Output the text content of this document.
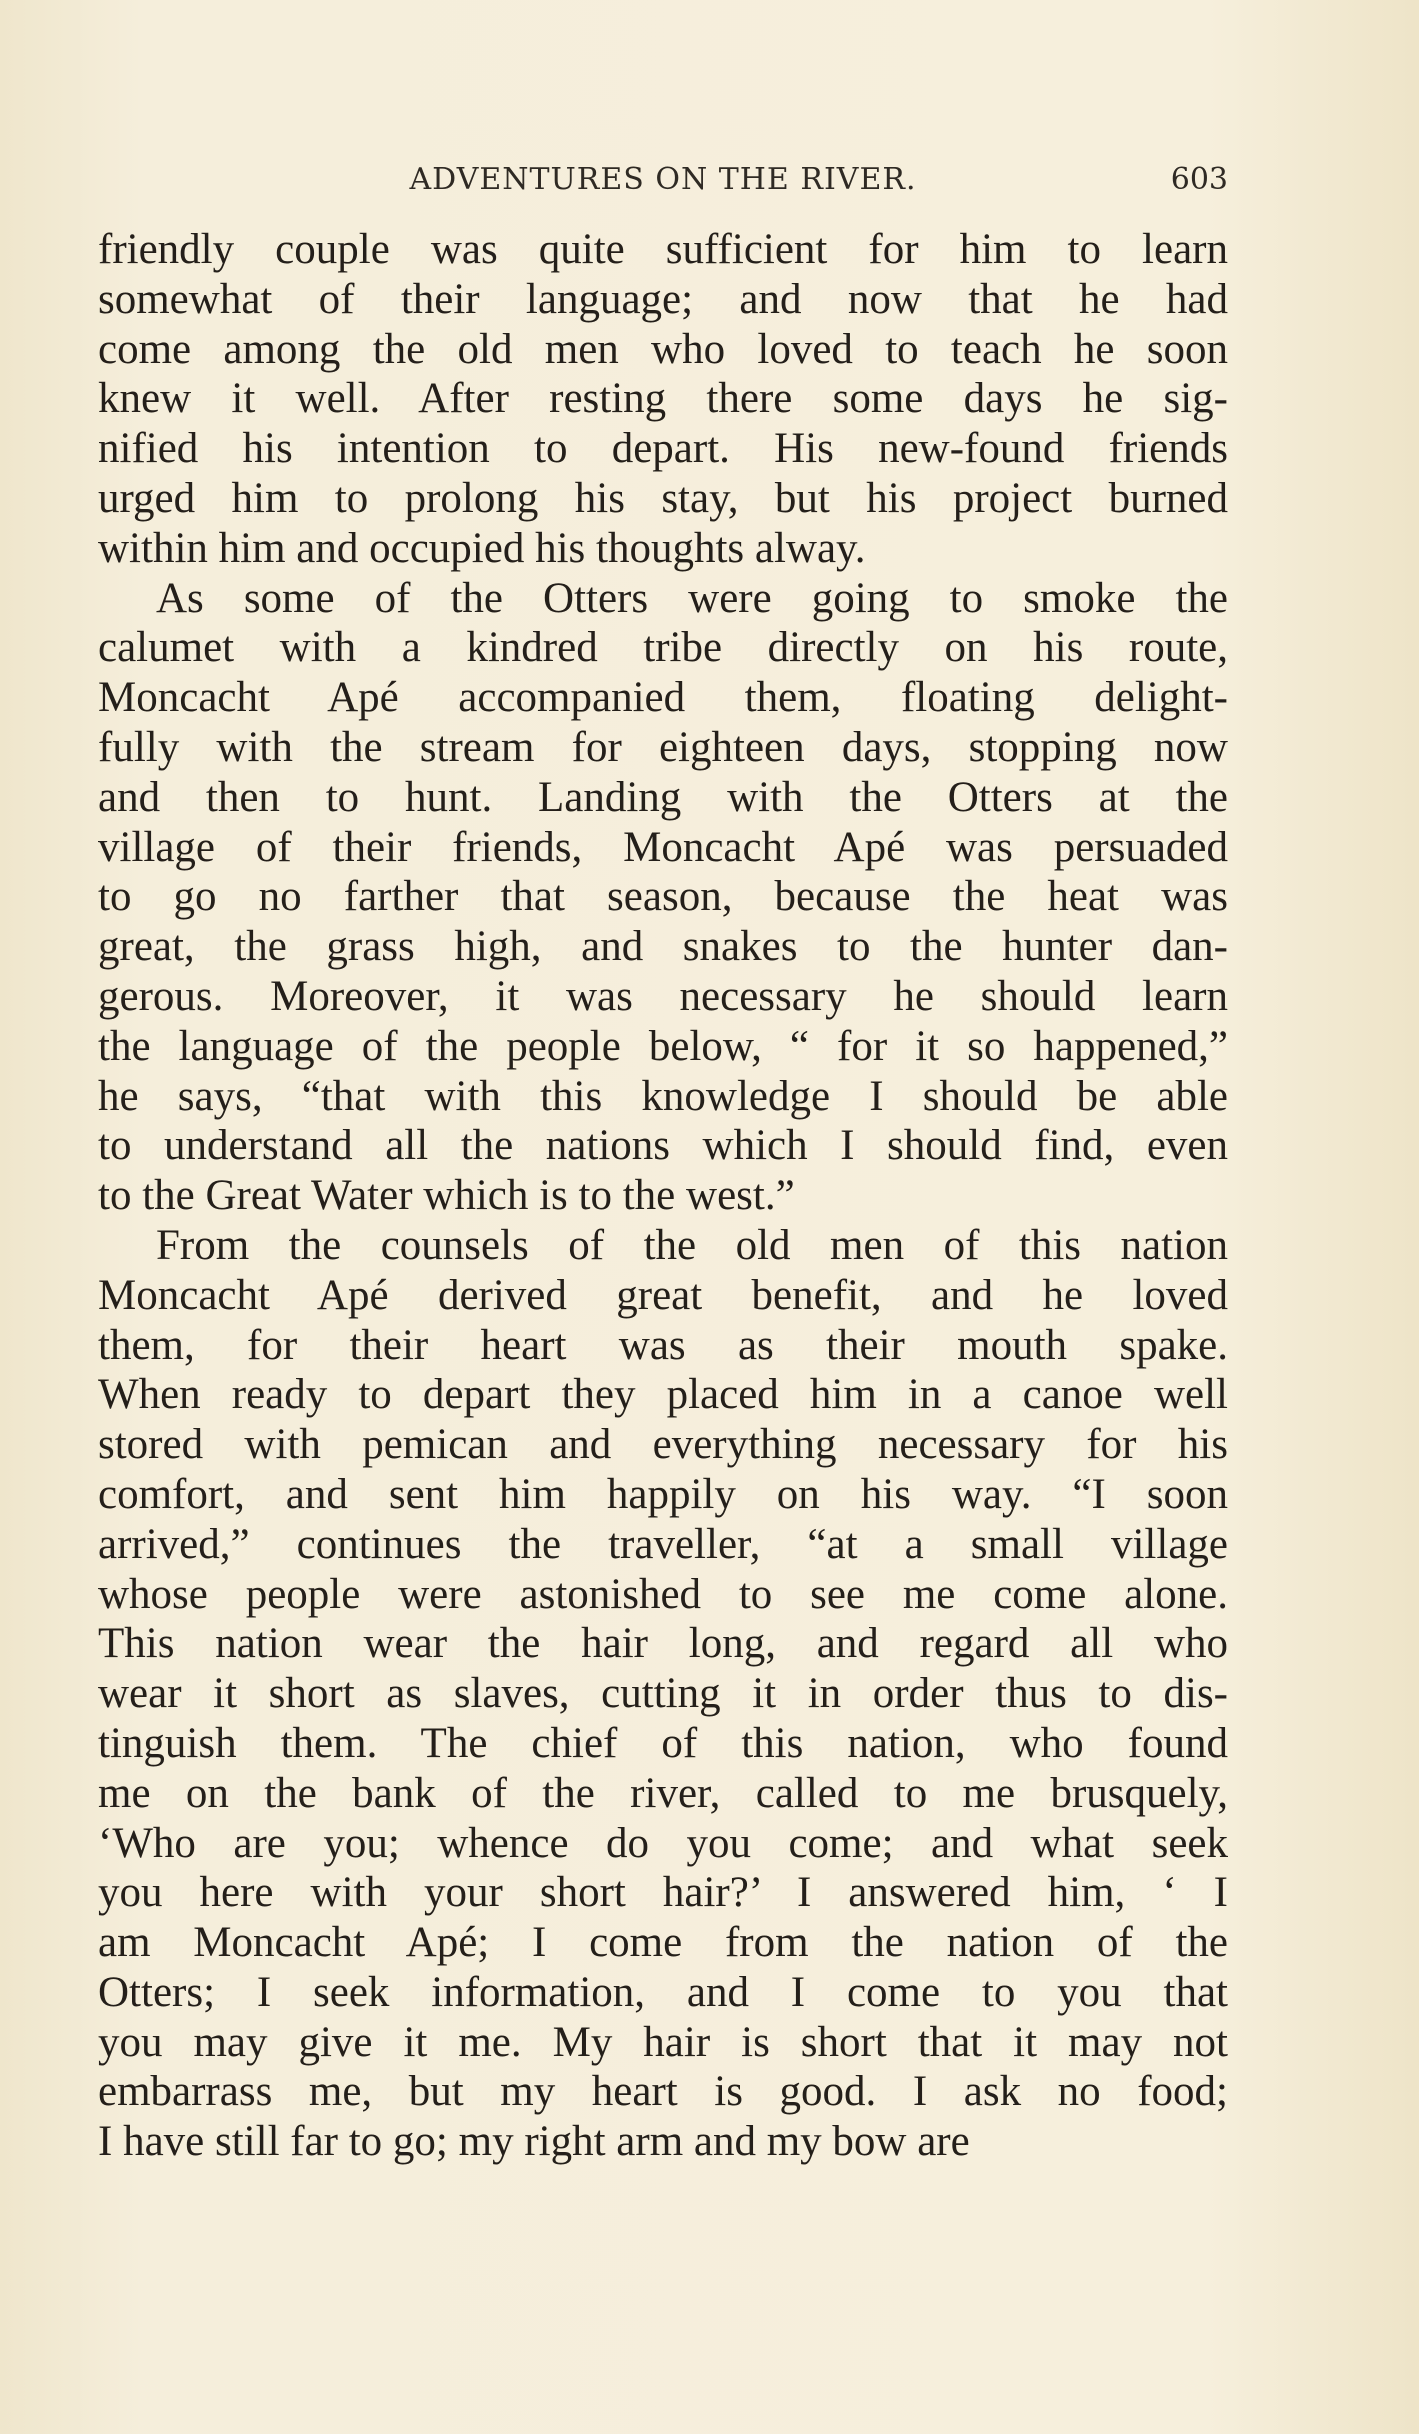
ADVENTURES ON THE RIVER.	603

friendly couple was quite sufficient for him to learn
somewhat of their language; and now that he had
come among the old men who loved to teach he soon
knew it well. After resting there some days he sig-
nified his intention to depart. His new-found friends
urged him to prolong his stay, but his project burned
within him and occupied his thoughts alway.

As some of the Otters were going to smoke the
calumet with a kindred tribe directly on his route,
Moncacht Apé accompanied them, floating delight-
fully with the stream for eighteen days, stopping now
and then to hunt. Landing with the Otters at the
village of their friends, Moncacht Apé was persuaded
to go no farther that season, because the heat was
great, the grass high, and snakes to the hunter dan-
gerous. Moreover, it was necessary he should learn
the language of the people below, “ for it so happened,”
he says, “that with this knowledge I should be able
to understand all the nations which I should find, even
to the Great Water which is to the west.”

From the counsels of the old men of this nation
Moncacht Apé derived great benefit, and he loved
them, for their heart was as their mouth spake.
When ready to depart they placed him in a canoe well
stored with pemican and everything necessary for his
comfort, and sent him happily on his way. “I soon
arrived,” continues the traveller, “at a small village
whose people were astonished to see me come alone.
This nation wear the hair long, and regard all who
wear it short as slaves, cutting it in order thus to dis-
tinguish them. The chief of this nation, who found
me on the bank of the river, called to me brusquely,
‘Who are you; whence do you come; and what seek
you here with your short hair?’ I answered him, ‘ I
am Moncacht Apé; I come from the nation of the
Otters; I seek information, and I come to you that
you may give it me. My hair is short that it may not
embarrass me, but my heart is good. I ask no food;
I have still far to go; my right arm and my bow are
